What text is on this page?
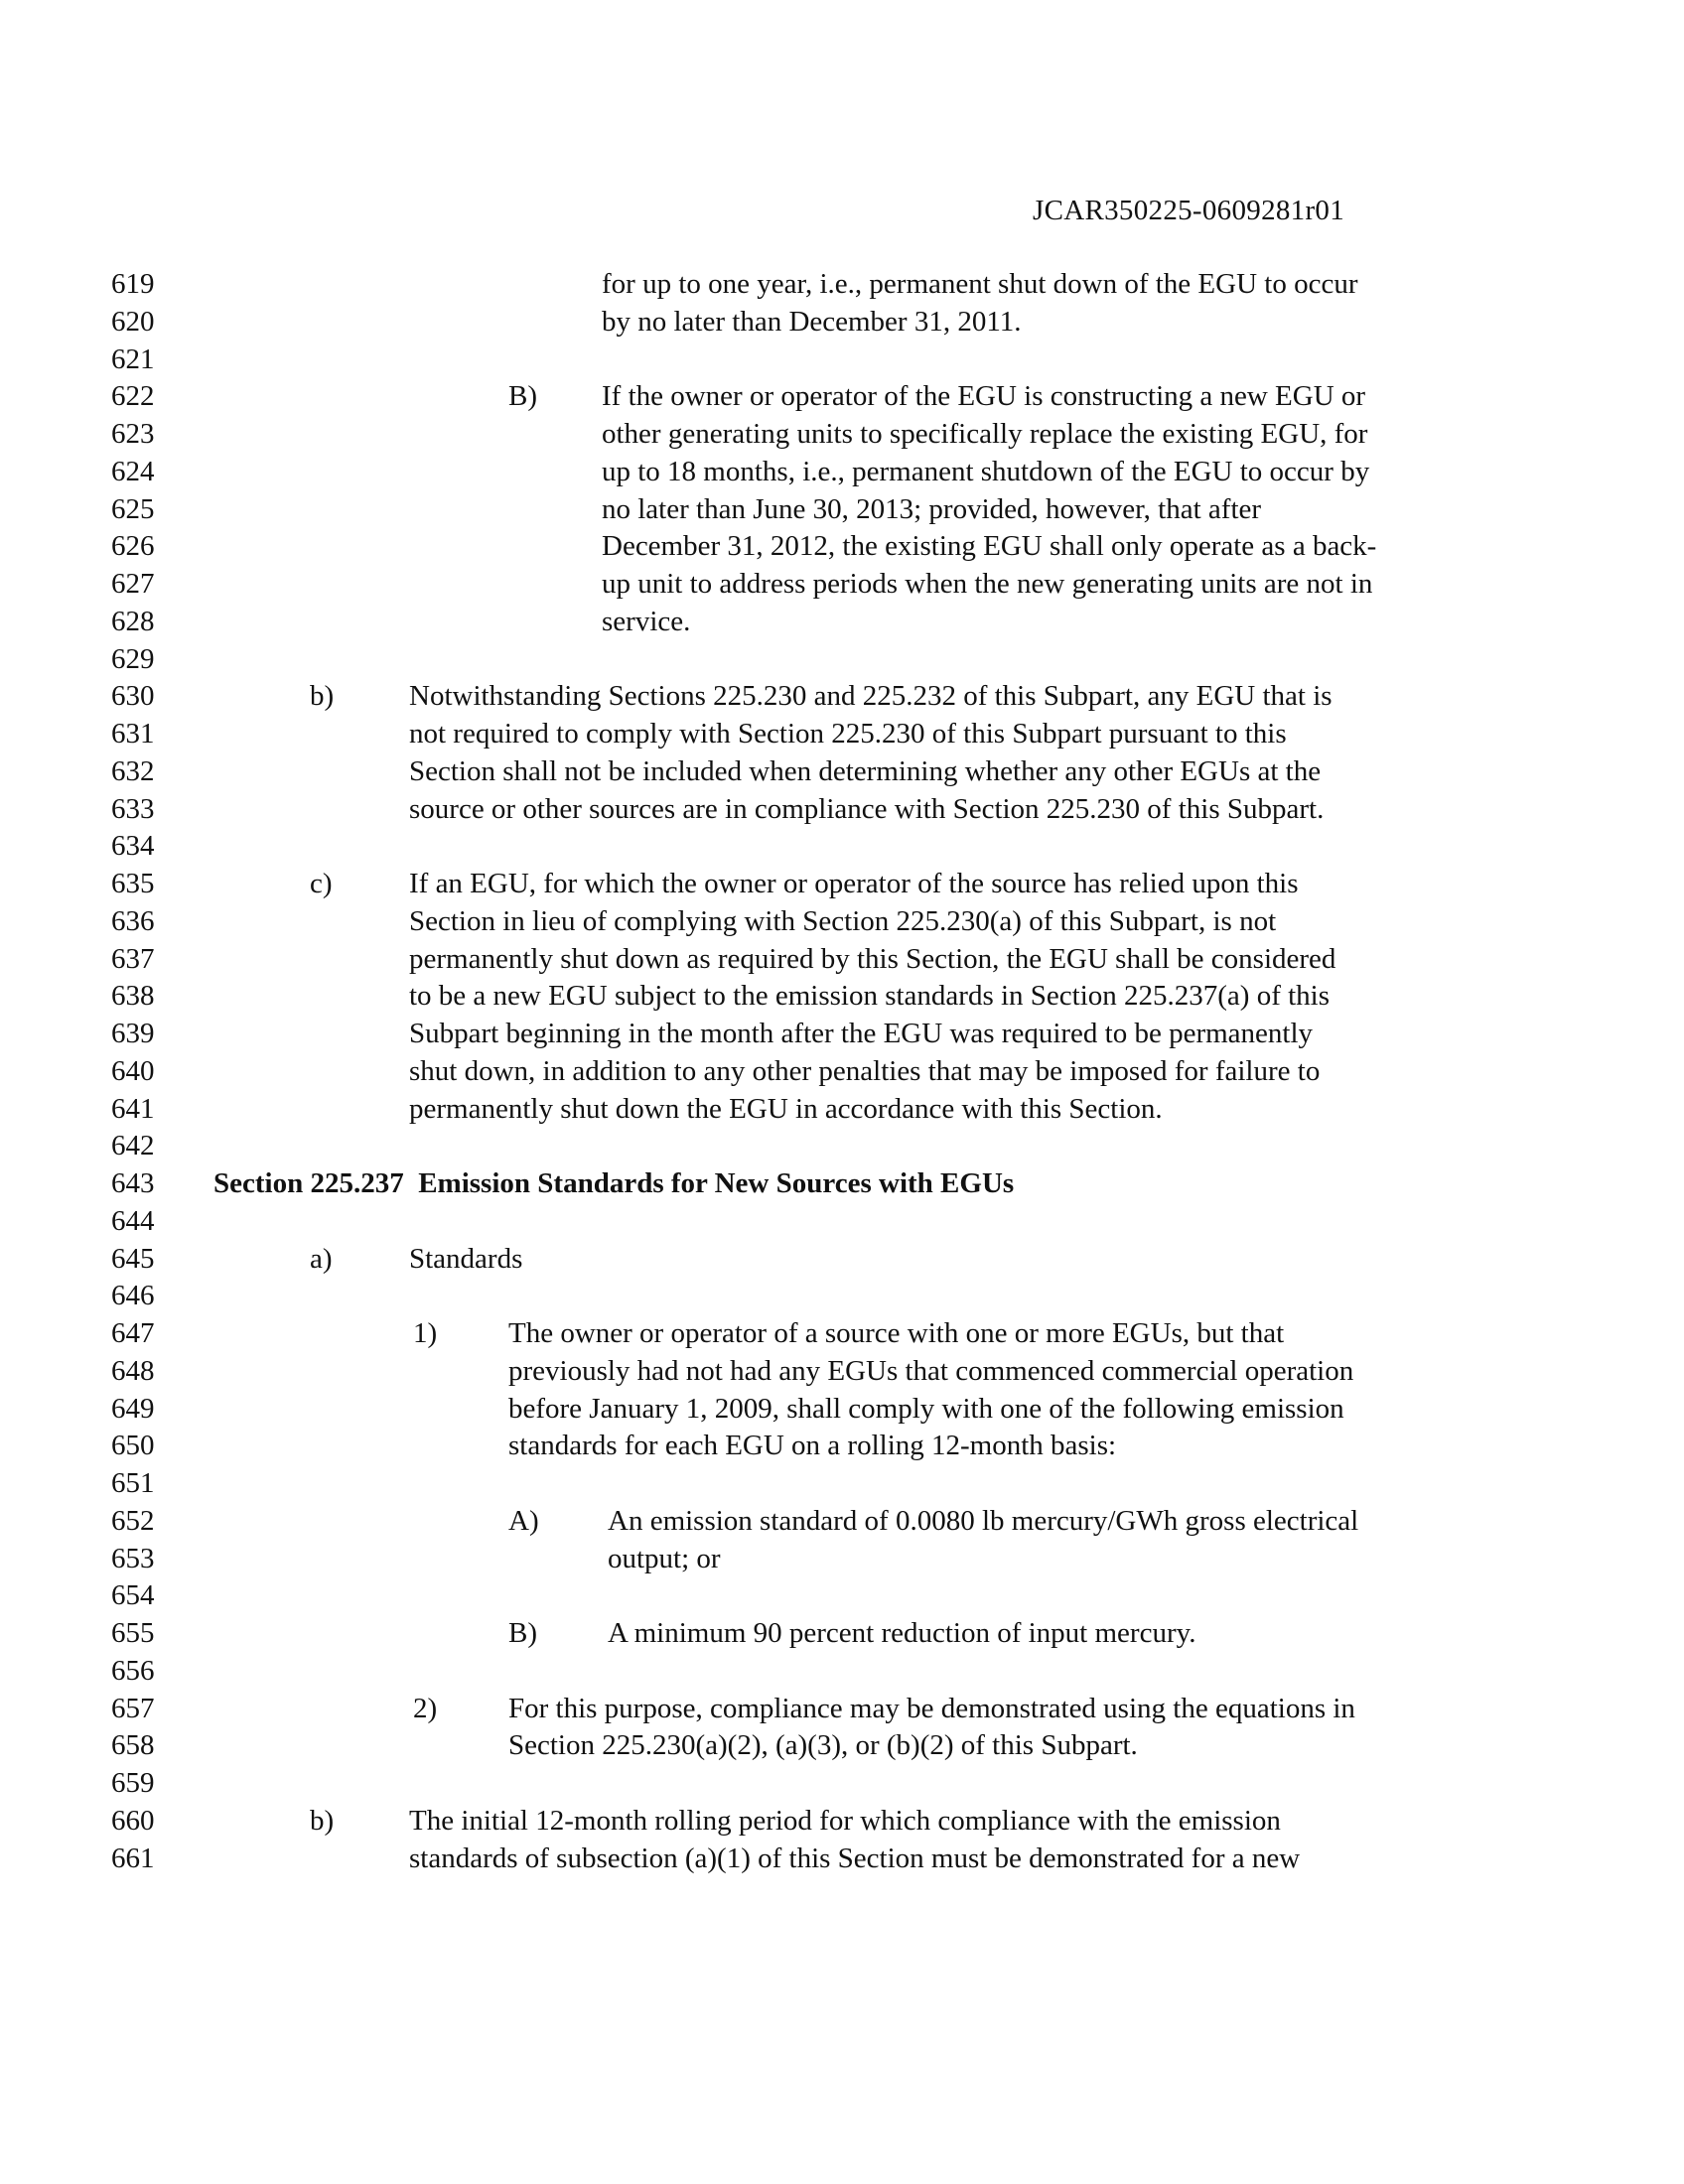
JCAR350225-0609281r01
619	for up to one year, i.e., permanent shut down of the EGU to occur
620	by no later than December 31, 2011.
621
622	B) If the owner or operator of the EGU is constructing a new EGU or
623	other generating units to specifically replace the existing EGU, for
624	up to 18 months, i.e., permanent shutdown of the EGU to occur by
625	no later than June 30, 2013; provided, however, that after
626	December 31, 2012, the existing EGU shall only operate as a back-
627	up unit to address periods when the new generating units are not in
628	service.
629
630	b)	Notwithstanding Sections 225.230 and 225.232 of this Subpart, any EGU that is
631	not required to comply with Section 225.230 of this Subpart pursuant to this
632	Section shall not be included when determining whether any other EGUs at the
633	source or other sources are in compliance with Section 225.230 of this Subpart.
634
635	c)	If an EGU, for which the owner or operator of the source has relied upon this
636	Section in lieu of complying with Section 225.230(a) of this Subpart, is not
637	permanently shut down as required by this Section, the EGU shall be considered
638	to be a new EGU subject to the emission standards in Section 225.237(a) of this
639	Subpart beginning in the month after the EGU was required to be permanently
640	shut down, in addition to any other penalties that may be imposed for failure to
641	permanently shut down the EGU in accordance with this Section.
642
643 Section 225.237  Emission Standards for New Sources with EGUs
644
645	a)	Standards
646
647	1) The owner or operator of a source with one or more EGUs, but that
648	previously had not had any EGUs that commenced commercial operation
649	before January 1, 2009, shall comply with one of the following emission
650	standards for each EGU on a rolling 12-month basis:
651
652	A) An emission standard of 0.0080 lb mercury/GWh gross electrical
653	output; or
654
655	B) A minimum 90 percent reduction of input mercury.
656
657	2) For this purpose, compliance may be demonstrated using the equations in
658	Section 225.230(a)(2), (a)(3), or (b)(2) of this Subpart.
659
660	b)	The initial 12-month rolling period for which compliance with the emission
661	standards of subsection (a)(1) of this Section must be demonstrated for a new
